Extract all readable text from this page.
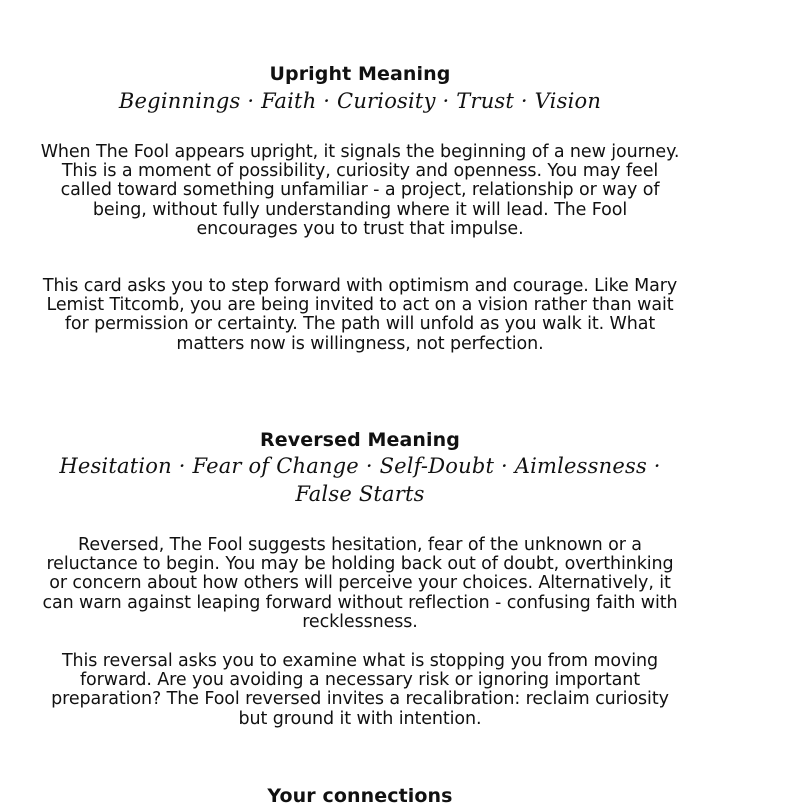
Upright Meaning
Beginnings · Faith · Curiosity · Trust · Vision
When The Fool appears upright, it signals the beginning of a new journey. This is a moment of possibility, curiosity and openness. You may feel called toward something unfamiliar - a project, relationship or way of being, without fully understanding where it will lead. The Fool encourages you to trust that impulse.
This card asks you to step forward with optimism and courage. Like Mary Lemist Titcomb, you are being invited to act on a vision rather than wait for permission or certainty. The path will unfold as you walk it. What matters now is willingness, not perfection.
Reversed Meaning
Hesitation · Fear of Change · Self-Doubt · Aimlessness · False Starts
Reversed, The Fool suggests hesitation, fear of the unknown or a reluctance to begin. You may be holding back out of doubt, overthinking or concern about how others will perceive your choices. Alternatively, it can warn against leaping forward without reflection - confusing faith with recklessness.
This reversal asks you to examine what is stopping you from moving forward. Are you avoiding a necessary risk or ignoring important preparation? The Fool reversed invites a recalibration: reclaim curiosity but ground it with intention.
Your connections
